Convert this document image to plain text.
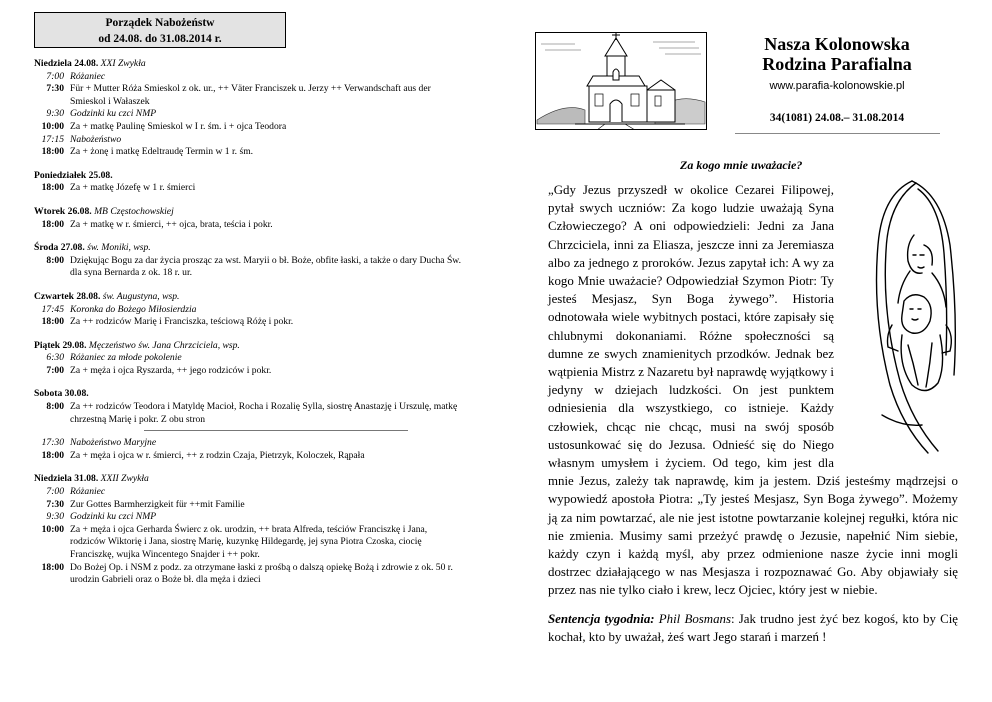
Porządek Nabożeństw
od 24.08. do 31.08.2014 r.
Niedziela 24.08. XXI Zwykła
7:00 Różaniec
7:30 Für + Mutter Róża Smieskol z ok. ur., ++ Väter Franciszek u. Jerzy ++ Verwandschaft aus der Smieskol i Wałaszek
9:30 Godzinki ku czci NMP
10:00 Za + matkę Paulinę Smieskol w I r. śm. i + ojca Teodora
17:15 Nabożeństwo
18:00 Za + żonę i matkę Edeltraudę Termin w 1 r. śm.
Poniedziałek 25.08.
18:00 Za + matkę Józefę w 1 r. śmierci
Wtorek 26.08. MB Częstochowskiej
18:00 Za + matkę w r. śmierci, ++ ojca, brata, teścia i pokr.
Środa 27.08. św. Moniki, wsp.
8:00 Dziękując Bogu za dar życia prosząc za wst. Maryii o bł. Boże, obfite łaski, a także o dary Ducha Św. dla syna Bernarda z ok. 18 r. ur.
Czwartek 28.08. św. Augustyna, wsp.
17:45 Koronka do Bożego Miłosierdzia
18:00 Za ++ rodziców Marię i Franciszka, teściową Różę i pokr.
Piątek 29.08. Męczeństwo św. Jana Chrzciciela, wsp.
6:30 Różaniec za młode pokolenie
7:00 Za + męża i ojca Ryszarda, ++ jego rodziców i pokr.
Sobota 30.08.
8:00 Za ++ rodziców Teodora i Matyldę Macioł, Rocha i Rozalię Sylla, siostrę Anastazję i Urszulę, matkę chrzestną Marię i pokr. Z obu stron
17:30 Nabożeństwo Maryjne
18:00 Za + męża i ojca w r. śmierci, ++ z rodzin Czaja, Pietrzyk, Koloczek, Rąpała
Niedziela 31.08. XXII Zwykła
7:00 Różaniec
7:30 Zur Gottes Barmherzigkeit für ++mit Familie
9:30 Godzinki ku czci NMP
10:00 Za + męża i ojca Gerharda Świerc z ok. urodzin, ++ brata Alfreda, teściów Franciszkę i Jana, rodziców Wiktorię i Jana, siostrę Marię, kuzynkę Hildegardę, jej syna Piotra Czoska, ciocię Franciszkę, wujka Wincentego Snajder i ++ pokr.
18:00 Do Bożej Op. i NSM z podz. za otrzymane łaski z prośbą o dalszą opiekę Bożą i zdrowie z ok. 50 r. urodzin Gabrieli oraz o Boże bł. dla męża i dzieci
Nasza Kolonowska
Rodzina Parafialna
www.parafia-kolonowskie.pl
34(1081) 24.08.– 31.08.2014
Za kogo mnie uważacie?

„Gdy Jezus przyszedł w okolice Cezarei Filipowej, pytał swych uczniów: Za kogo ludzie uważają Syna Człowieczego? A oni odpowiedzieli: Jedni za Jana Chrzciciela, inni za Eliasza, jeszcze inni za Jeremiasza albo za jednego z proroków. Jezus zapytał ich: A wy za kogo Mnie uważacie? Odpowiedział Szymon Piotr: Ty jesteś Mesjasz, Syn Boga żywego”. Historia odnotowała wiele wybitnych postaci, które zapisały się chlubnymi dokonaniami. Różne społeczności są dumne ze swych znamienitych przodków. Jednak bez wątpienia Mistrz z Nazaretu był naprawdę wyjątkowy i jedyny w dziejach ludzkości. On jest punktem odniesienia dla wszystkiego, co istnieje. Każdy człowiek, chcąc nie chcąc, musi na swój sposób ustosunkować się do Jezusa. Odnieść się do Niego własnym umysłem i życiem. Od tego, kim jest dla mnie Jezus, zależy tak naprawdę, kim ja jestem. Dziś jesteśmy mądrzejsi o wypowiedź apostoła Piotra: „Ty jesteś Mesjasz, Syn Boga żywego”. Możemy ją za nim powtarzać, ale nie jest istotne powtarzanie kolejnej regułki, która nic nie zmienia. Musimy sami przeżyć prawdę o Jezusie, napełnić Nim siebie, każdy czyn i każdą myśl, aby przez odmienione nasze życie inni mogli dostrzec działającego w nas Mesjasza i rozpoznawać Go. Aby objawiały się przez nas nie tylko ciało i krew, lecz Ojciec, który jest w niebie.

Sentencja tygodnia: Phil Bosmans: Jak trudno jest żyć bez kogoś, kto by Cię kochał, kto by uważał, żeś wart Jego starań i marzeń !
